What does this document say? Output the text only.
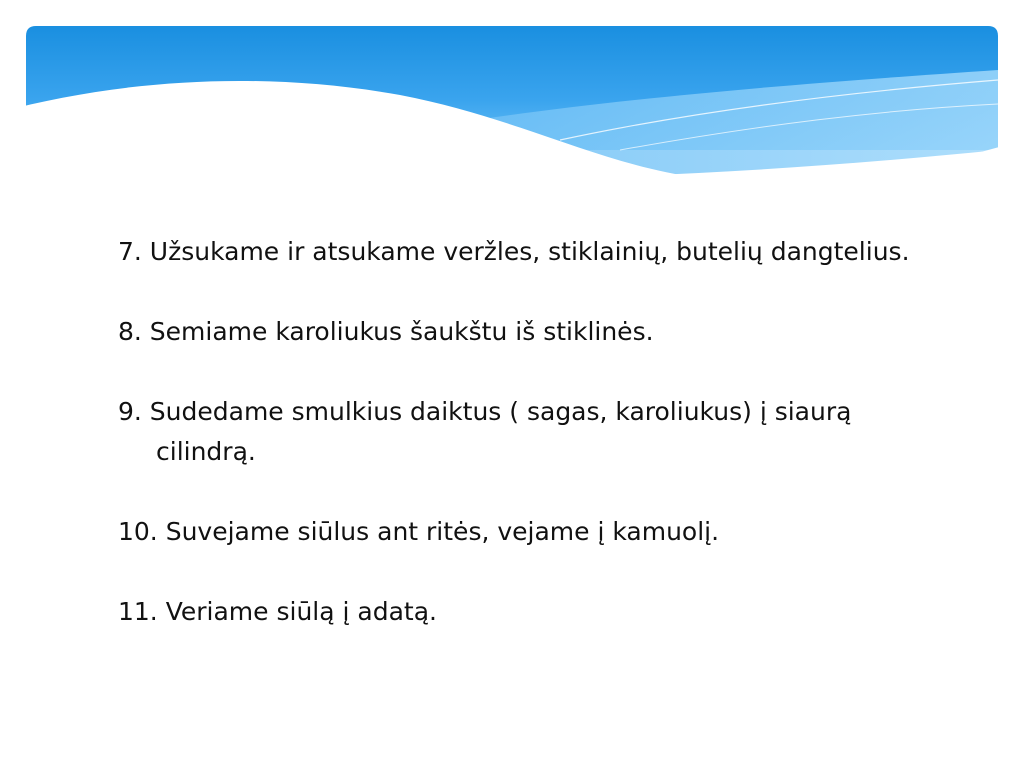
7. Užsukame ir atsukame veržles, stiklainių, butelių dangtelius.

8. Semiame karoliukus šaukštu iš stiklinės.

9. Sudedame smulkius daiktus ( sagas, karoliukus) į siaurą cilindrą.

10. Suvejame siūlus ant ritės, vejame į kamuolį.

11. Veriame siūlą į adatą.
